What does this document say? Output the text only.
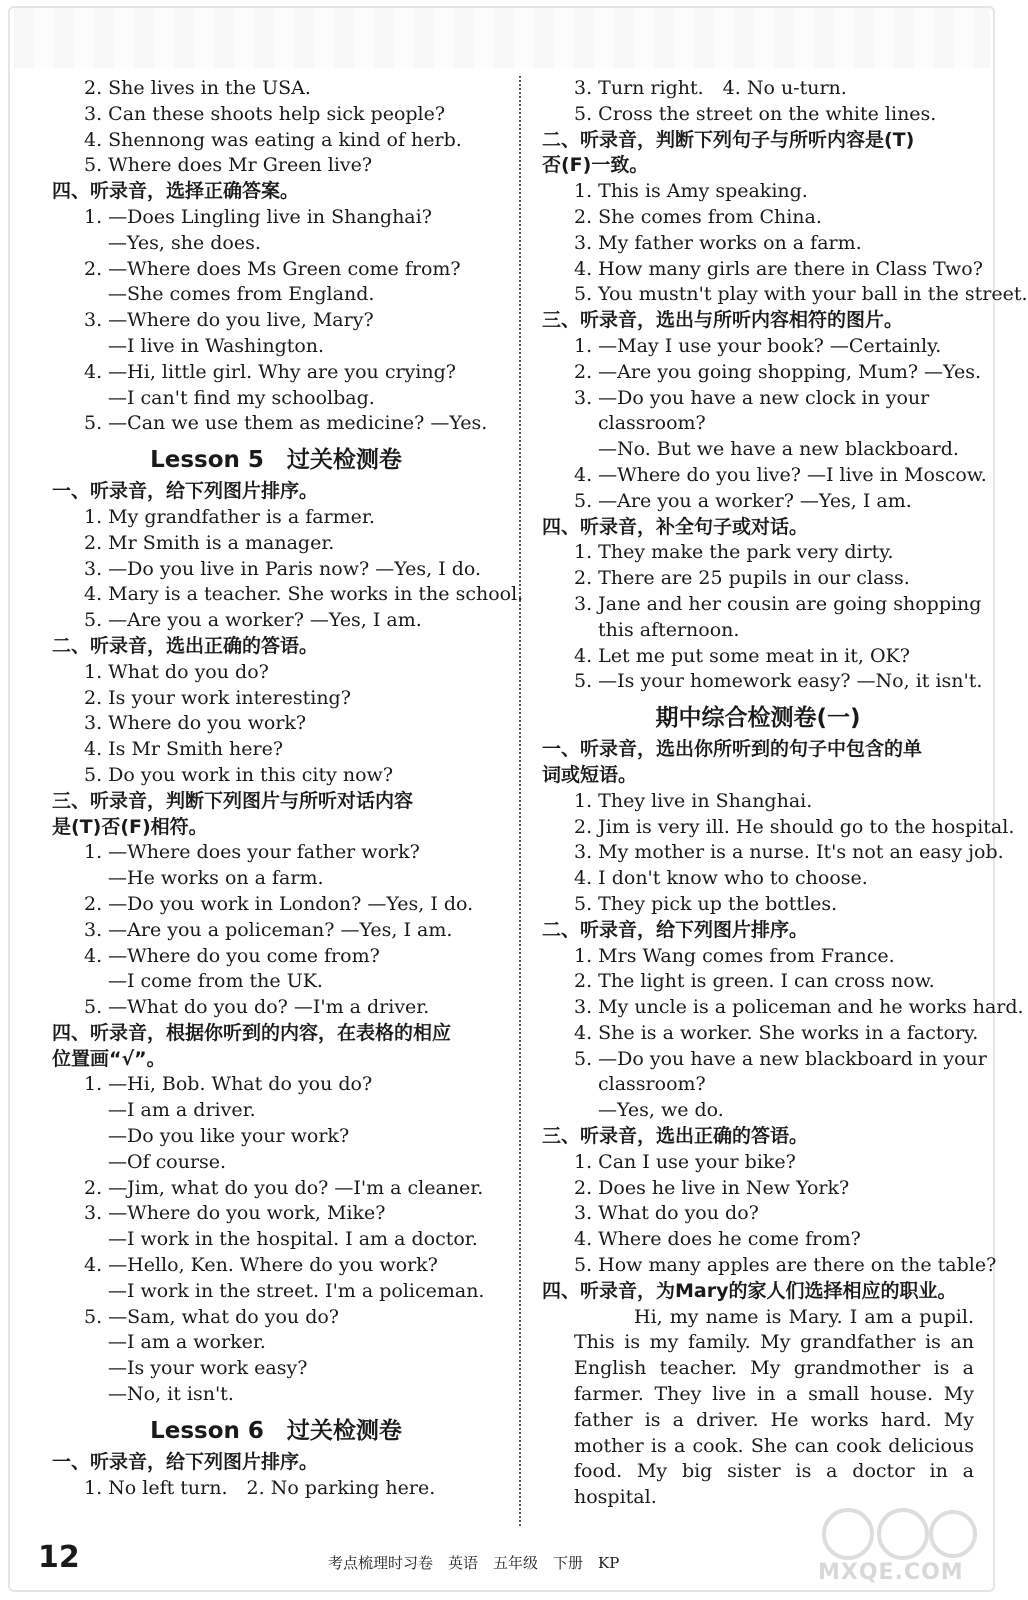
2. She lives in the USA.
3. Can these shoots help sick people?
4. Shennong was eating a kind of herb.
5. Where does Mr Green live?
四、听录音，选择正确答案。
1. —Does Lingling live in Shanghai?
—Yes, she does.
2. —Where does Ms Green come from?
—She comes from England.
3. —Where do you live, Mary?
—I live in Washington.
4. —Hi, little girl. Why are you crying?
—I can't find my schoolbag.
5. —Can we use them as medicine? —Yes.
Lesson 5　过关检测卷
一、听录音，给下列图片排序。
1. My grandfather is a farmer.
2. Mr Smith is a manager.
3. —Do you live in Paris now? —Yes, I do.
4. Mary is a teacher. She works in the school.
5. —Are you a worker? —Yes, I am.
二、听录音，选出正确的答语。
1. What do you do?
2. Is your work interesting?
3. Where do you work?
4. Is Mr Smith here?
5. Do you work in this city now?
三、听录音，判断下列图片与所听对话内容
是(T)否(F)相符。
1. —Where does your father work?
—He works on a farm.
2. —Do you work in London? —Yes, I do.
3. —Are you a policeman? —Yes, I am.
4. —Where do you come from?
—I come from the UK.
5. —What do you do? —I'm a driver.
四、听录音，根据你听到的内容，在表格的相应
位置画“√”。
1. —Hi, Bob. What do you do?
—I am a driver.
—Do you like your work?
—Of course.
2. —Jim, what do you do? —I'm a cleaner.
3. —Where do you work, Mike?
—I work in the hospital. I am a doctor.
4. —Hello, Ken. Where do you work?
—I work in the street. I'm a policeman.
5. —Sam, what do you do?
—I am a worker.
—Is your work easy?
—No, it isn't.
Lesson 6　过关检测卷
一、听录音，给下列图片排序。
1. No left turn.　2. No parking here.
3. Turn right.　4. No u-turn.
5. Cross the street on the white lines.
二、听录音，判断下列句子与所听内容是(T)
否(F)一致。
1. This is Amy speaking.
2. She comes from China.
3. My father works on a farm.
4. How many girls are there in Class Two?
5. You mustn't play with your ball in the street.
三、听录音，选出与所听内容相符的图片。
1. —May I use your book? —Certainly.
2. —Are you going shopping, Mum? —Yes.
3. —Do you have a new clock in your
classroom?
—No. But we have a new blackboard.
4. —Where do you live? —I live in Moscow.
5. —Are you a worker? —Yes, I am.
四、听录音，补全句子或对话。
1. They make the park very dirty.
2. There are 25 pupils in our class.
3. Jane and her cousin are going shopping
this afternoon.
4. Let me put some meat in it, OK?
5. —Is your homework easy? —No, it isn't.
期中综合检测卷(一)
一、听录音，选出你所听到的句子中包含的单
词或短语。
1. They live in Shanghai.
2. Jim is very ill. He should go to the hospital.
3. My mother is a nurse. It's not an easy job.
4. I don't know who to choose.
5. They pick up the bottles.
二、听录音，给下列图片排序。
1. Mrs Wang comes from France.
2. The light is green. I can cross now.
3. My uncle is a policeman and he works hard.
4. She is a worker. She works in a factory.
5. —Do you have a new blackboard in your
classroom?
—Yes, we do.
三、听录音，选出正确的答语。
1. Can I use your bike?
2. Does he live in New York?
3. What do you do?
4. Where does he come from?
5. How many apples are there on the table?
四、听录音，为Mary的家人们选择相应的职业。
Hi, my name is Mary. I am a pupil. This is my family. My grandfather is an English teacher. My grandmother is a farmer. They live in a small house. My father is a driver. He works hard. My mother is a cook. She can cook delicious food. My big sister is a doctor in a hospital.
12	考点梳理时习卷　英语　五年级　下册　KP	MXQE.COM
